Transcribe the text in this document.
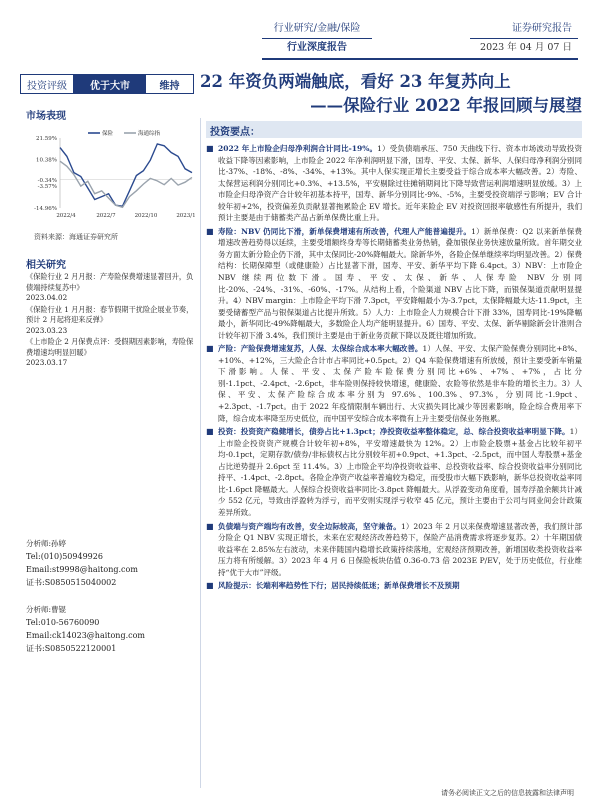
行业研究/金融/保险
行业深度报告
证券研究报告
2023 年 04 月 07 日
投资评级	优于大市	维持	22 年资负两端触底，看好 23 年复苏向上
——保险行业 2022 年报回顾与展望
市场表现
保险	海通综指
21.59%
10.38%
-0.34%
-3.57%
-14.96%
2022/4	2022/7	2022/10	2023/1
资料来源：海通证券研究所
相关研究
《保险行业 2 月月报：产寿险保费增速显著回升，负债端持续复苏中》
2023.04.02
《保险行业 1 月月报：春节假期干扰险企展业节奏，预计 2 月起将迎来反弹》
2023.03.23
《上市险企 2 月保费点评：受假期因素影响，寿险保费增速均明显回暖》
2023.03.17
分析师:孙婷
Tel:(010)50949926
Email:st9998@haitong.com
证书:S0850515040002
分析师:曹锟
Tel:010-56760090
Email:ck14023@haitong.com
证书:S0850522120001
投资要点：
■ 2022 年上市险企归母净利润合计同比-19%。1）受负债端承压、750 天曲线下行、资本市场波动导致投资收益下降等因素影响，上市险企 2022 年净利润明显下滑，国寿、平安、太保、新华、人保归母净利润分别同比-37%、-18%、-8%、-34%、+13%。其中人保实现正增长主要受益于综合成本率大幅改善。2）寿险、太保营运利润分别同比+0.3%、+13.5%，平安剔除过往摊销期间比下降导致营运利润增速明显放缓。3）上市险企归母净资产合计较年初基本持平，国寿、新华分别同比-9%、-5%，主要受投资端浮亏影响；EV 合计较年初+2%，投资偏差负贡献显著拖累险企 EV 增长。近年来险企 EV 对投资回报率敏感性有所提升，我们预计主要是由于储蓄类产品占新单保费比重上升。
■ 寿险：NBV 仍同比下滑，新单保费增速有所改善，代理人产能普遍提升。1）新单保费：Q2 以来新单保费增速改善趋势得以延续，主要受增额终身寿等长期储蓄类业务热销，叠加银保业务快速放量所致。首年期交业务方面太新分险企仍下滑，其中太保同比-20%降幅最大。除新华外，各险企保单继续率均明显改善。2）保费结构：长期保障型（或健康险）占比显著下滑，国寿、平安、新华平均下降 6.4pct。3）NBV：上市险企 NBV 继续两位数下滑。国寿、平安、太保、新华、人保寿险 NBV 分别同比-20%、-24%、-31%、-60%、-17%。从结构上看，个险渠道 NBV 占比下降，而银保渠道贡献明显提升。4）NBV margin：上市险企平均下滑 7.3pct，平安降幅最小为-3.7pct，太保降幅最大达-11.9pct，主要受储蓄型产品与银保渠道占比提升所致。5）人力：上市险企人力规模合计下滑 33%，国寿同比-19%降幅最小，新华同比-49%降幅最大，多数险企人均产能明显提升。6）国寿、平安、太保、新华剔除新会计准则合计较年初下滑 3.4%，我们预计主要是由于新业务贡献下降以及既往增加所致。
■ 产险：产险保费增速复苏，人保、太保综合成本率大幅改善。1）人保、平安、太保产险保费分别同比+8%、+10%、+12%，三大险企合计市占率同比+0.5pct。2）Q4 车险保费增速有所放缓，预计主要受新车销量下滑影响。人保、平安、太保产险车险保费分别同比+6%、+7%、+7%，占比分别-1.1pct、-2.4pct、-2.6pct，非车险则保持较快增速，健康险、农险等依然是非车险的增长主力。3）人保、平安、太保产险综合成本率分别为 97.6%、100.3%、97.3%，分别同比-1.9pct、+2.3pct、-1.7pct。由于 2022 年疫情限制车辆出行、大灾损失同比减少等因素影响，险企综合费用率下降，综合成本率降至历史低位，而中国平安综合成本率微有上升主要受信保业务拖累。
■ 投资：投资资产稳健增长，债券占比+1.3pct；净投资收益率整体稳定，总、综合投资收益率明显下降。1）上市险企投资资产规模合计较年初+8%，平安增速最快为 12%。2）上市险企股票+基金占比较年初平均-0.1pct，定期存款/债券/非标债权占比分别较年初+0.9pct、+1.3pct、-2.5pct，而中国人寿股票+基金占比逆势提升 2.6pct 至 11.4%。3）上市险企平均净投资收益率、总投资收益率、综合投资收益率分别同比持平、-1.4pct、-2.8pct。各险企净资产收益率普遍较为稳定，而受股市大幅下跌影响，新华总投资收益率同比-1.6pct 降幅最大。人保综合投资收益率同比-3.8pct 降幅最大。从浮盈变动角度看，国寿浮盈余额共计减少 552 亿元，导致由浮盈转为浮亏，而平安则实现浮亏收窄 45 亿元，预计主要由于公司与同业间会计政策差异所致。
■ 负债端与资产端均有改善，安全边际较高，坚守兼备。1）2023 年 2 月以来保费增速显著改善，我们预计部分险企 Q1 NBV 实现正增长，未来在宏观经济改善趋势下，保险产品消费需求将逐步复苏。2）十年期国债收益率在 2.85%左右波动，未来伴随国内稳增长政策持续落地，宏观经济预期改善，新增国收类投资收益率压力将有所缓解。3）2023 年 4 月 6 日保险板块估值 0.36-0.73 倍 2023E P/EV，处于历史低位，行业维持“优于大市”评级。
■ 风险提示：长端利率趋势性下行；居民持续低迷；新单保费增长不及预期
请务必阅读正文之后的信息披露和法律声明
